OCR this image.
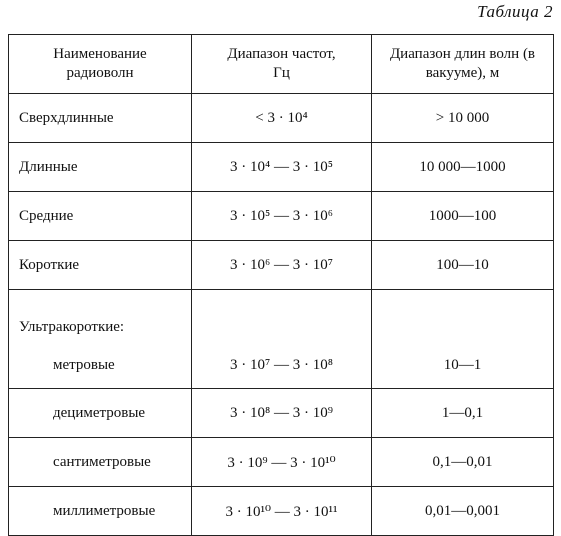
Таблица 2
Наименование радиоволн	Диапазон частот, Гц	Диапазон длин волн (в вакууме), м
Сверхдлинные	< 3 · 10⁴	> 10 000
Длинные	3 · 10⁴ — 3 · 10⁵	10 000—1000
Средние	3 · 10⁵ — 3 · 10⁶	1000—100
Короткие	3 · 10⁶ — 3 · 10⁷	100—10
Ультракороткие:		
метровые	3 · 10⁷ — 3 · 10⁸	10—1
дециметровые	3 · 10⁸ — 3 · 10⁹	1—0,1
сантиметровые	3 · 10⁹ — 3 · 10¹⁰	0,1—0,01
миллиметровые	3 · 10¹⁰ — 3 · 10¹¹	0,01—0,001
